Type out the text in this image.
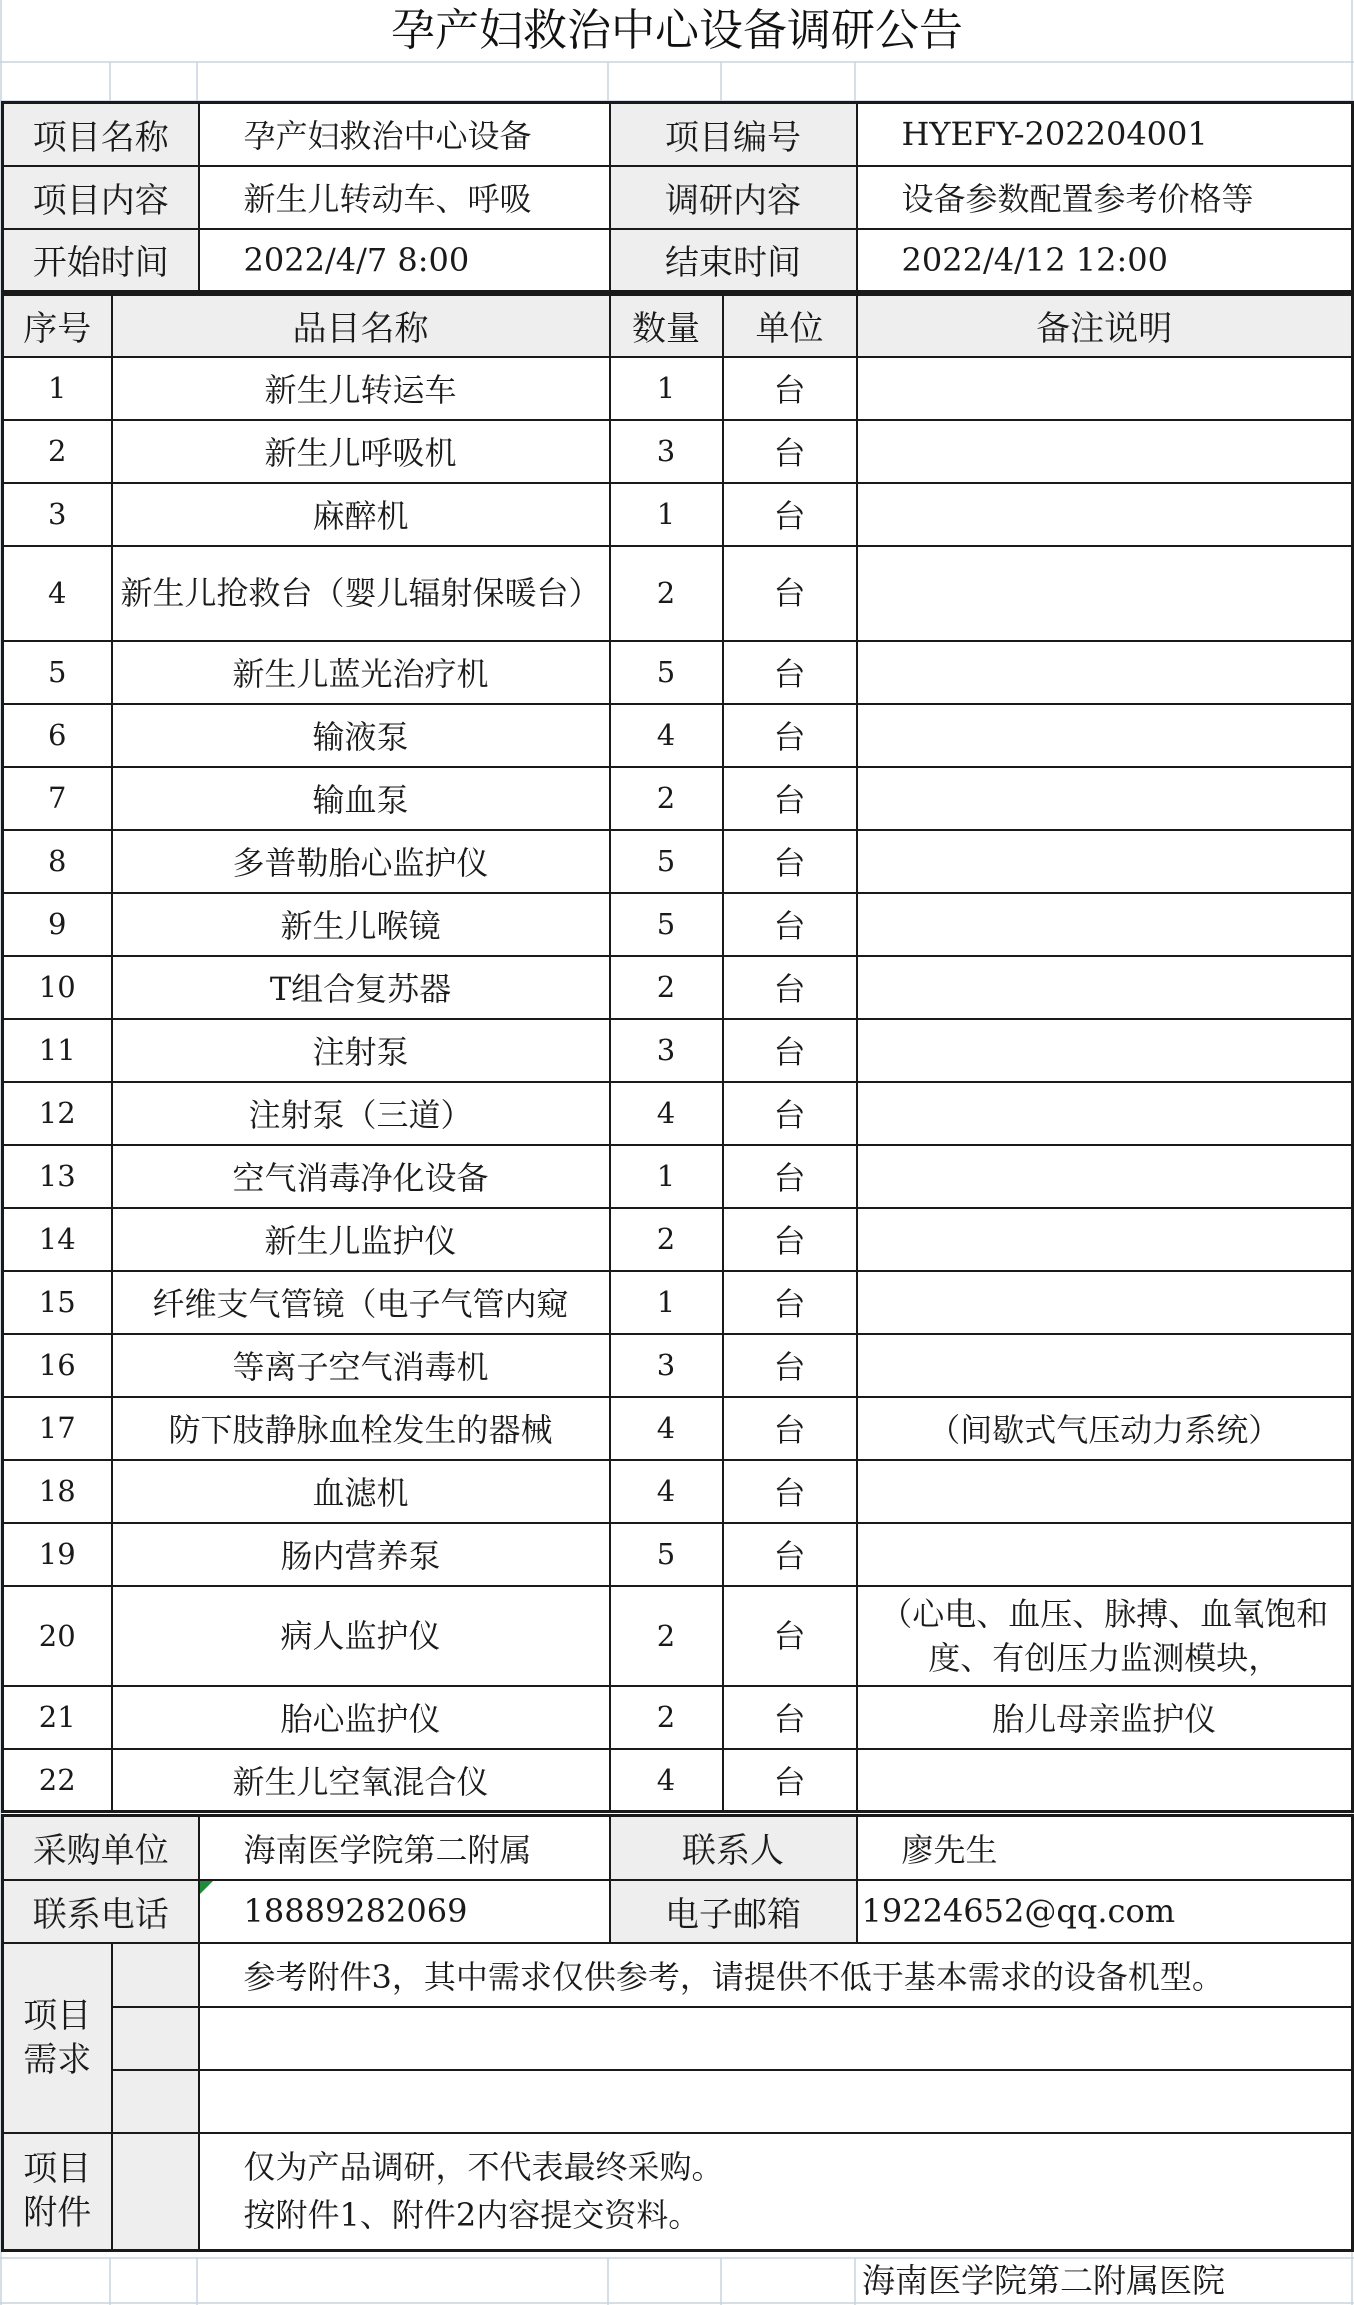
孕产妇救治中心设备调研公告
项目名称	孕产妇救治中心设备	项目编号	HYEFY-202204001
项目内容	新生儿转动车、呼吸	调研内容	设备参数配置参考价格等
开始时间	2022/4/7 8:00	结束时间	2022/4/12 12:00
序号	品目名称	数量	单位	备注说明
1	新生儿转运车	1	台	
2	新生儿呼吸机	3	台	
3	麻醉机	1	台	
4	新生儿抢救台（婴儿辐射保暖台）	2	台	
5	新生儿蓝光治疗机	5	台	
6	输液泵	4	台	
7	输血泵	2	台	
8	多普勒胎心监护仪	5	台	
9	新生儿喉镜	5	台	
10	T组合复苏器	2	台	
11	注射泵	3	台	
12	注射泵（三道）	4	台	
13	空气消毒净化设备	1	台	
14	新生儿监护仪	2	台	
15	纤维支气管镜（电子气管内窥	1	台	
16	等离子空气消毒机	3	台	
17	防下肢静脉血栓发生的器械	4	台	（间歇式气压动力系统）
18	血滤机	4	台	
19	肠内营养泵	5	台	
20	病人监护仪	2	台	（心电、血压、脉搏、血氧饱和度、有创压力监测模块，
21	胎心监护仪	2	台	胎儿母亲监护仪
22	新生儿空氧混合仪	4	台	
采购单位		海南医学院第二附属	联系人	廖先生
联系电话		18889282069	电子邮箱	19224652@qq.com
项目需求		参考附件3，其中需求仅供参考，请提供不低于基本需求的设备机型。		

项目附件		仅为产品调研，不代表最终采购。
按附件1、附件2内容提交资料。		
海南医学院第二附属医院
